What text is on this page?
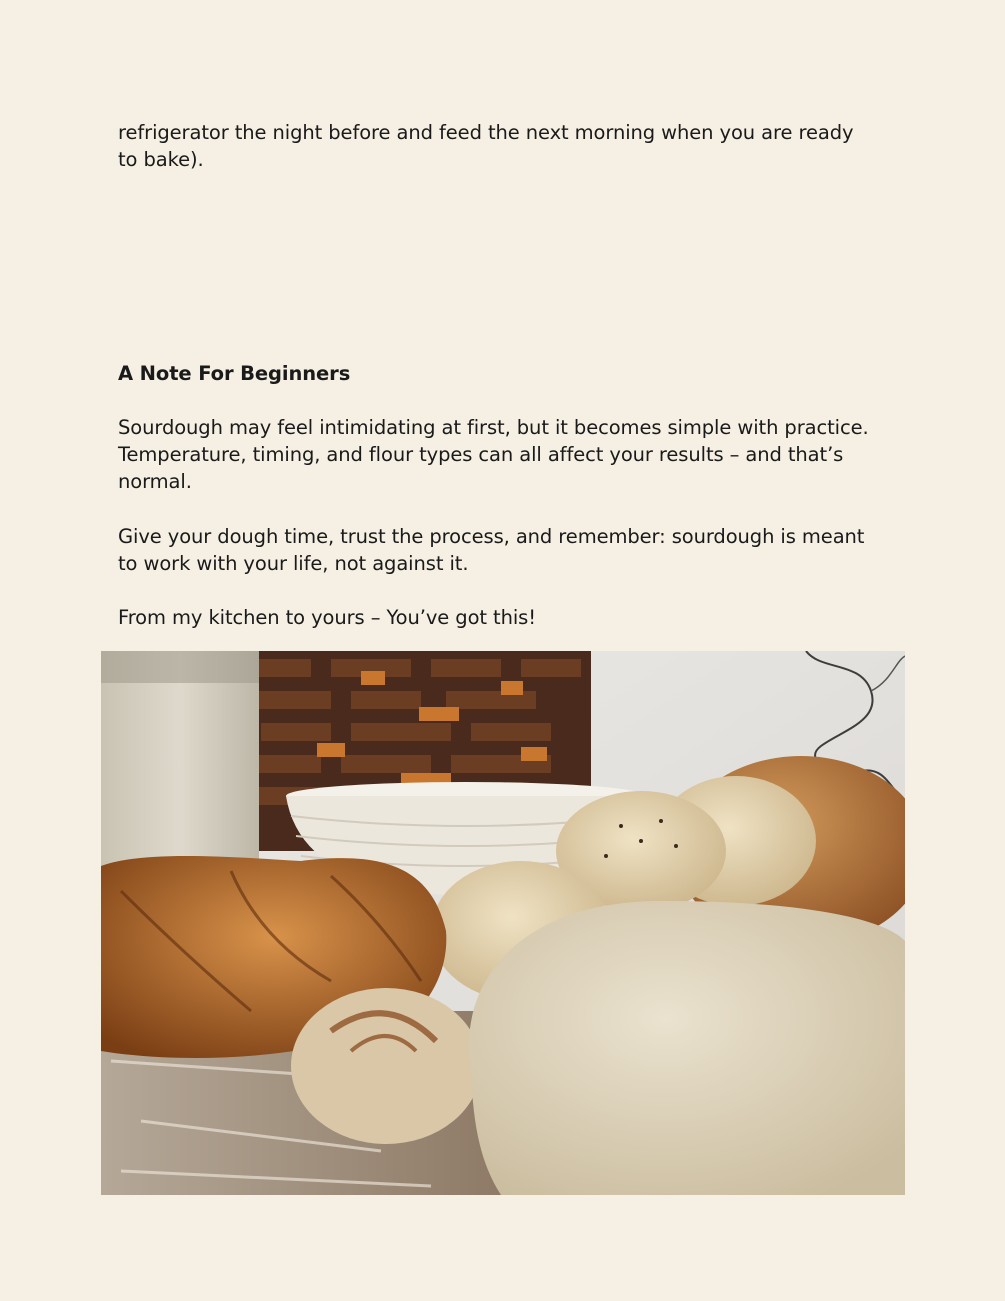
refrigerator the night before and feed the next morning when you are ready to bake).
A Note For Beginners
Sourdough may feel intimidating at first, but it becomes simple with practice. Temperature, timing, and flour types can all affect your results – and that’s normal.
Give your dough time, trust the process, and remember: sourdough is meant to work with your life, not against it.
From my kitchen to yours – You’ve got this!
